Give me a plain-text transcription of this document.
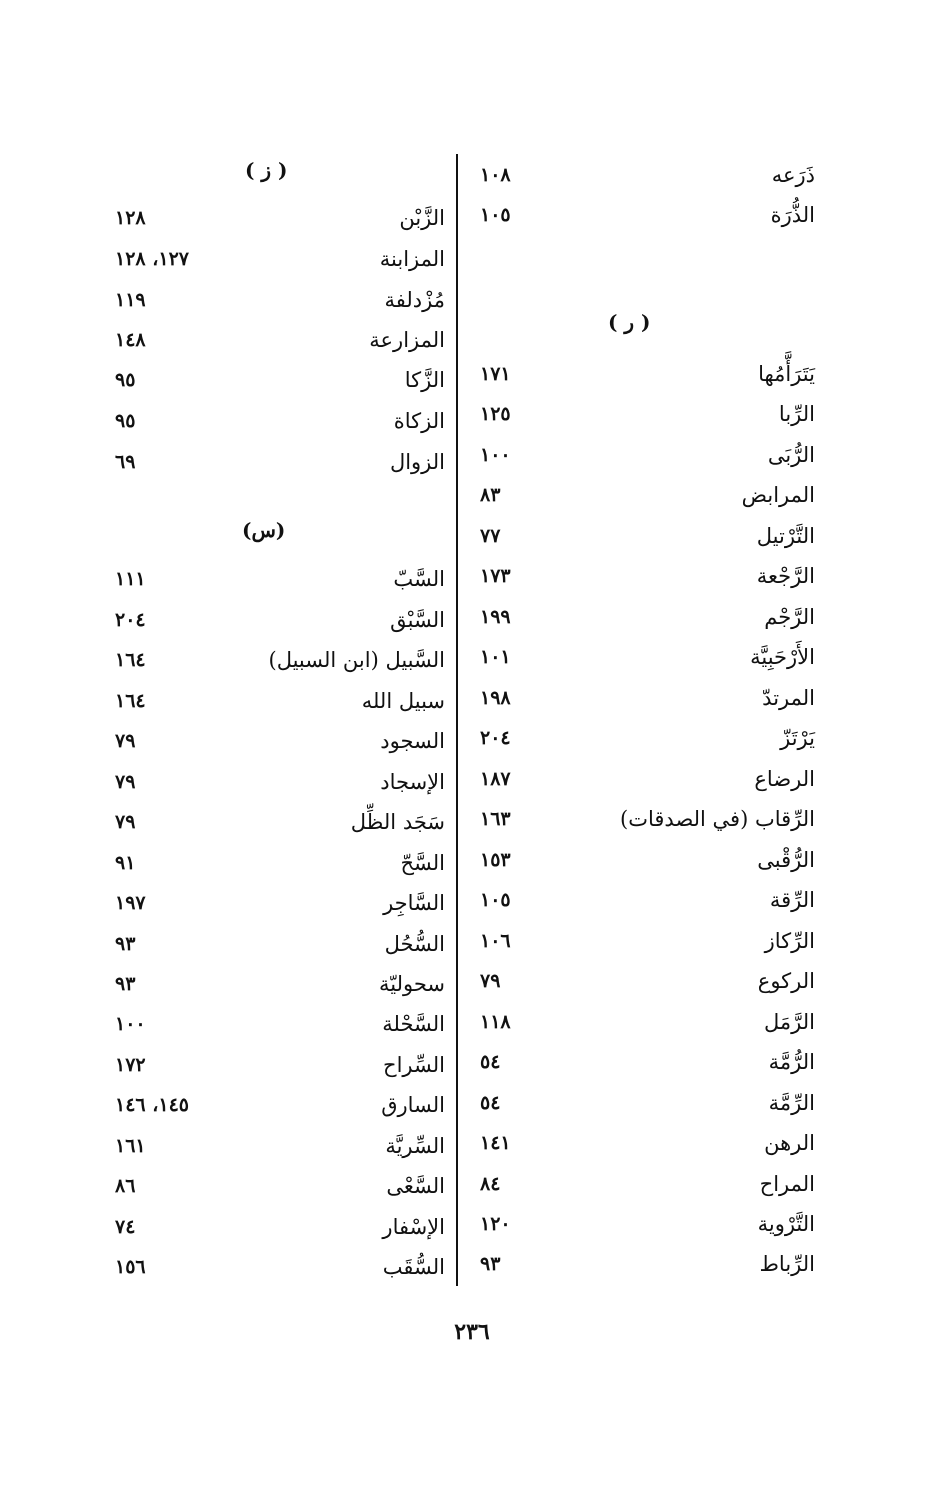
ذَرَعه
١٠٨
الذُّرَة
١٠٥
( ر )
يَتَرَأَّمُها
١٧١
الرِّبا
١٢٥
الرُّبَى
١٠٠
المرابض
٨٣
التَّرْتيل
٧٧
الرَّجْعة
١٧٣
الرَّجْم
١٩٩
الأَرْحَبِيَّة
١٠١
المرتدّ
١٩٨
يَرْتَزّ
٢٠٤
الرضاع
١٨٧
الرِّقاب (في الصدقات)
١٦٣
الرُّقْبى
١٥٣
الرِّقة
١٠٥
الرِّكاز
١٠٦
الركوع
٧٩
الرَّمَل
١١٨
الرُّمَّة
٥٤
الرِّمَّة
٥٤
الرهن
١٤١
المراح
٨٤
التَّرْوية
١٢٠
الرِّباط
٩٣
( ز )
الزَّبْن
١٢٨
المزابنة
١٢٧، ١٢٨
مُزْدلفة
١١٩
المزارعة
١٤٨
الزَّكا
٩٥
الزكاة
٩٥
الزوال
٦٩
(س)
السَّبّ
١١١
السَّبْق
٢٠٤
السَّبيل (ابن السبيل)
١٦٤
سبيل الله
١٦٤
السجود
٧٩
الإسجاد
٧٩
سَجَد الظِّل
٧٩
السَّحّ
٩١
السَّاجِر
١٩٧
السُّحُل
٩٣
سحوليّة
٩٣
السَّحْلة
١٠٠
السِّراح
١٧٢
السارق
١٤٥، ١٤٦
السِّريَّة
١٦١
السَّعْى
٨٦
الإسْفار
٧٤
السُّقَب
١٥٦
٢٣٦
